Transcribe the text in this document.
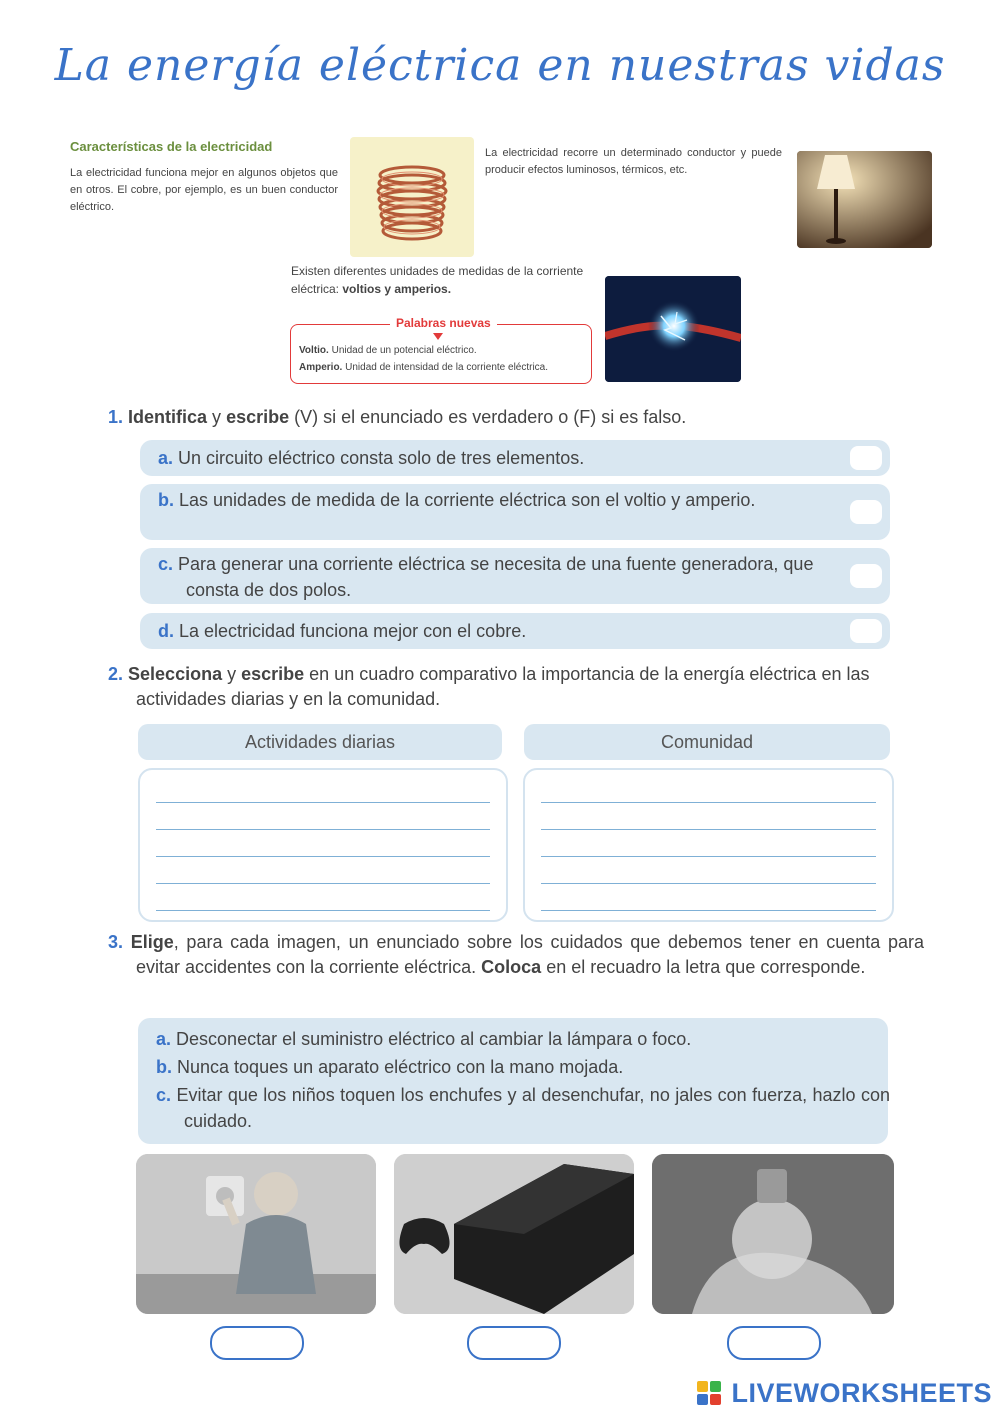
La energía eléctrica en nuestras vidas
Características de la electricidad
La electricidad funciona mejor en algunos objetos que en otros. El cobre, por ejemplo, es un buen conductor eléctrico.
La electricidad recorre un determinado conductor y puede producir efectos luminosos, térmicos, etc.
Existen diferentes unidades de medidas de la corriente eléctrica: voltios y amperios.
Palabras nuevas
Voltio. Unidad de un potencial eléctrico.
Amperio. Unidad de intensidad de la corriente eléctrica.
1. Identifica y escribe (V) si el enunciado es verdadero o (F) si es falso.
a. Un circuito eléctrico consta solo de tres elementos.
b. Las unidades de medida de la corriente eléctrica son el voltio y amperio.
c. Para generar una corriente eléctrica se necesita de una fuente generadora, que consta de dos polos.
d. La electricidad funciona mejor con el cobre.
2. Selecciona y escribe en un cuadro comparativo la importancia de la energía eléctrica en las actividades diarias y en la comunidad.
Actividades diarias	Comunidad
3. Elige, para cada imagen, un enunciado sobre los cuidados que debemos tener en cuenta para evitar accidentes con la corriente eléctrica. Coloca en el recuadro la letra que corresponde.
a. Desconectar el suministro eléctrico al cambiar la lámpara o foco.
b. Nunca toques un aparato eléctrico con la mano mojada.
c. Evitar que los niños toquen los enchufes y al desenchufar, no jales con fuerza, hazlo con cuidado.
LIVEWORKSHEETS
